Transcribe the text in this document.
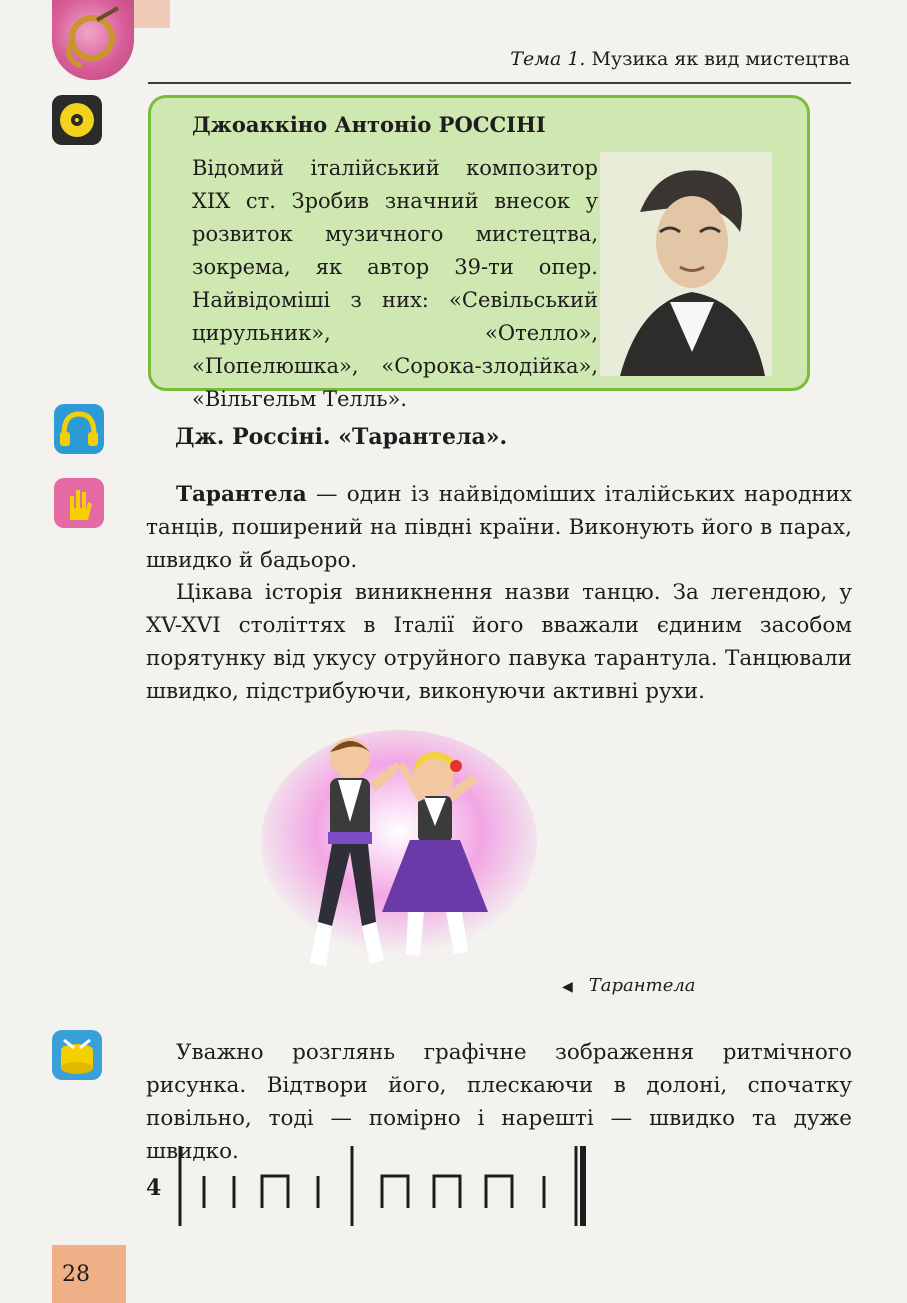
Тема 1. Музика як вид мистецтва
Джоаккіно Антоніо РОССІНІ
Відомий італійський композитор XIX ст. Зробив значний внесок у розвиток музичного мистецтва, зокрема, як автор 39-ти опер. Найвідоміші з них: «Севільський цирульник», «Отелло», «Попелюшка», «Сорока-злодійка», «Вільгельм Телль».
Дж. Россіні. «Тарантела».
Тарантела — один із найвідоміших італійських народних танців, поширений на півдні країни. Виконують його в парах, швидко й бадьоро.
Цікава історія виникнення назви танцю. За легендою, у XV-XVI століттях в Італії його вважали єдиним засобом порятунку від укусу отруйного павука тарантула. Танцювали швидко, підстрибуючи, виконуючи активні рухи.
◀ Тарантела
Уважно розглянь графічне зображення ритмічного рисунка. Відтвори його, плескаючи в долоні, спочатку повільно, тоді — помірно і нарешті — швидко та дуже швидко.
4
28
